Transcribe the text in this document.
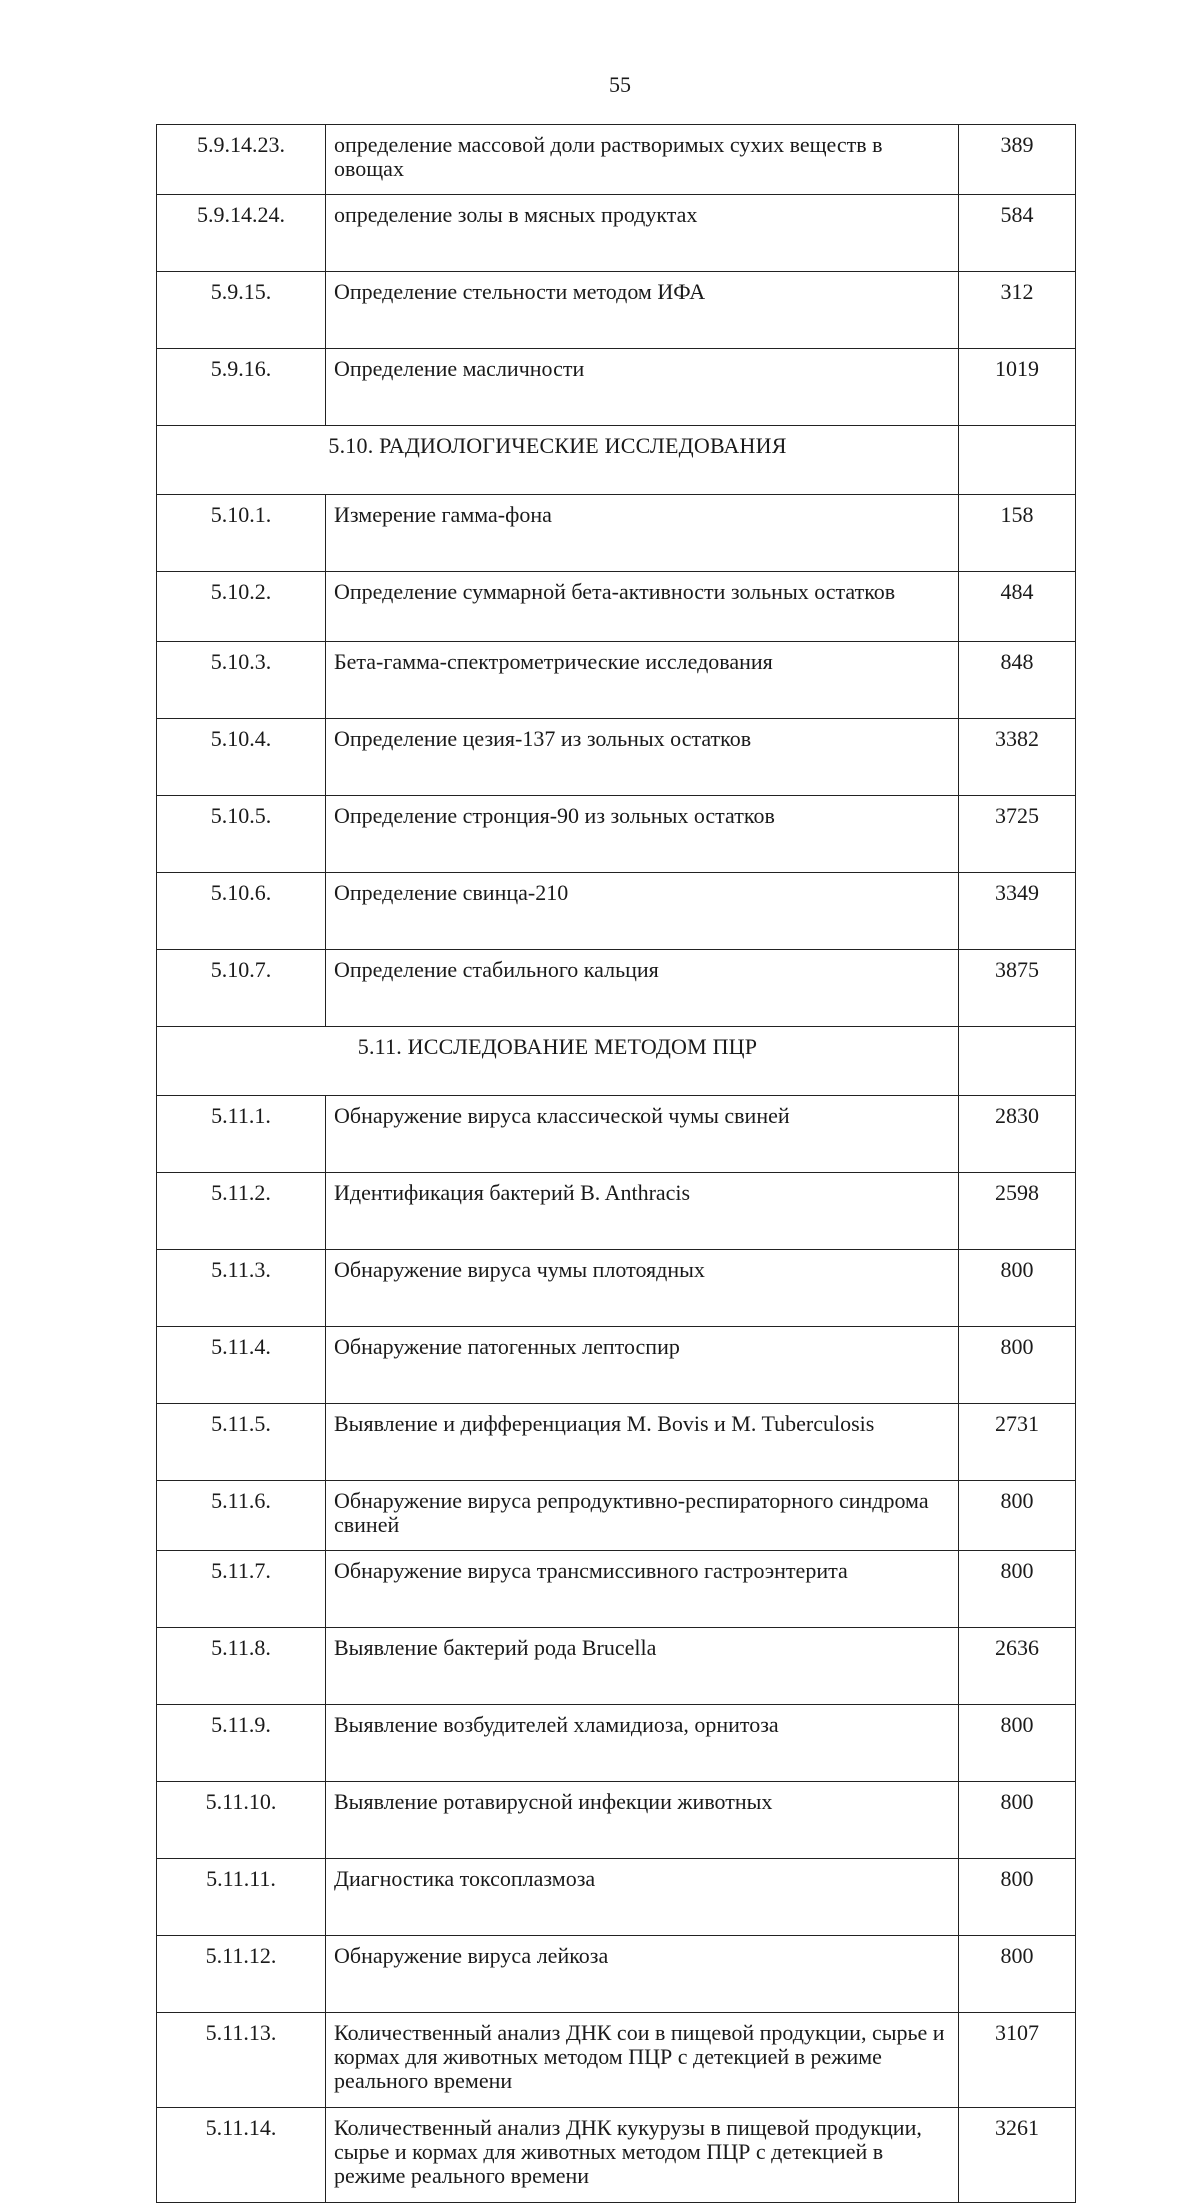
55
5.9.14.23.	определение массовой доли растворимых сухих веществ в овощах	389
5.9.14.24.	определение золы в мясных продуктах	584
5.9.15.	Определение стельности методом ИФА	312
5.9.16.	Определение масличности	1019
5.10. РАДИОЛОГИЧЕСКИЕ ИССЛЕДОВАНИЯ		
5.10.1.	Измерение гамма-фона	158
5.10.2.	Определение суммарной бета-активности зольных остатков	484
5.10.3.	Бета-гамма-спектрометрические исследования	848
5.10.4.	Определение цезия-137 из зольных остатков	3382
5.10.5.	Определение стронция-90 из зольных остатков	3725
5.10.6.	Определение свинца-210	3349
5.10.7.	Определение стабильного кальция	3875
5.11. ИССЛЕДОВАНИЕ МЕТОДОМ ПЦР		
5.11.1.	Обнаружение вируса классической чумы свиней	2830
5.11.2.	Идентификация бактерий B. Anthracis	2598
5.11.3.	Обнаружение вируса чумы плотоядных	800
5.11.4.	Обнаружение патогенных лептоспир	800
5.11.5.	Выявление и дифференциация M. Bovis и M. Tuberculosis	2731
5.11.6.	Обнаружение вируса репродуктивно-респираторного синдрома свиней	800
5.11.7.	Обнаружение вируса трансмиссивного гастроэнтерита	800
5.11.8.	Выявление бактерий рода Brucella	2636
5.11.9.	Выявление возбудителей хламидиоза, орнитоза	800
5.11.10.	Выявление ротавирусной инфекции животных	800
5.11.11.	Диагностика токсоплазмоза	800
5.11.12.	Обнаружение вируса лейкоза	800
5.11.13.	Количественный анализ ДНК сои в пищевой продукции, сырье и кормах для животных методом ПЦР с детекцией в режиме реального времени	3107
5.11.14.	Количественный анализ ДНК кукурузы в пищевой продукции, сырье и кормах для животных методом ПЦР с детекцией в режиме реального времени	3261
